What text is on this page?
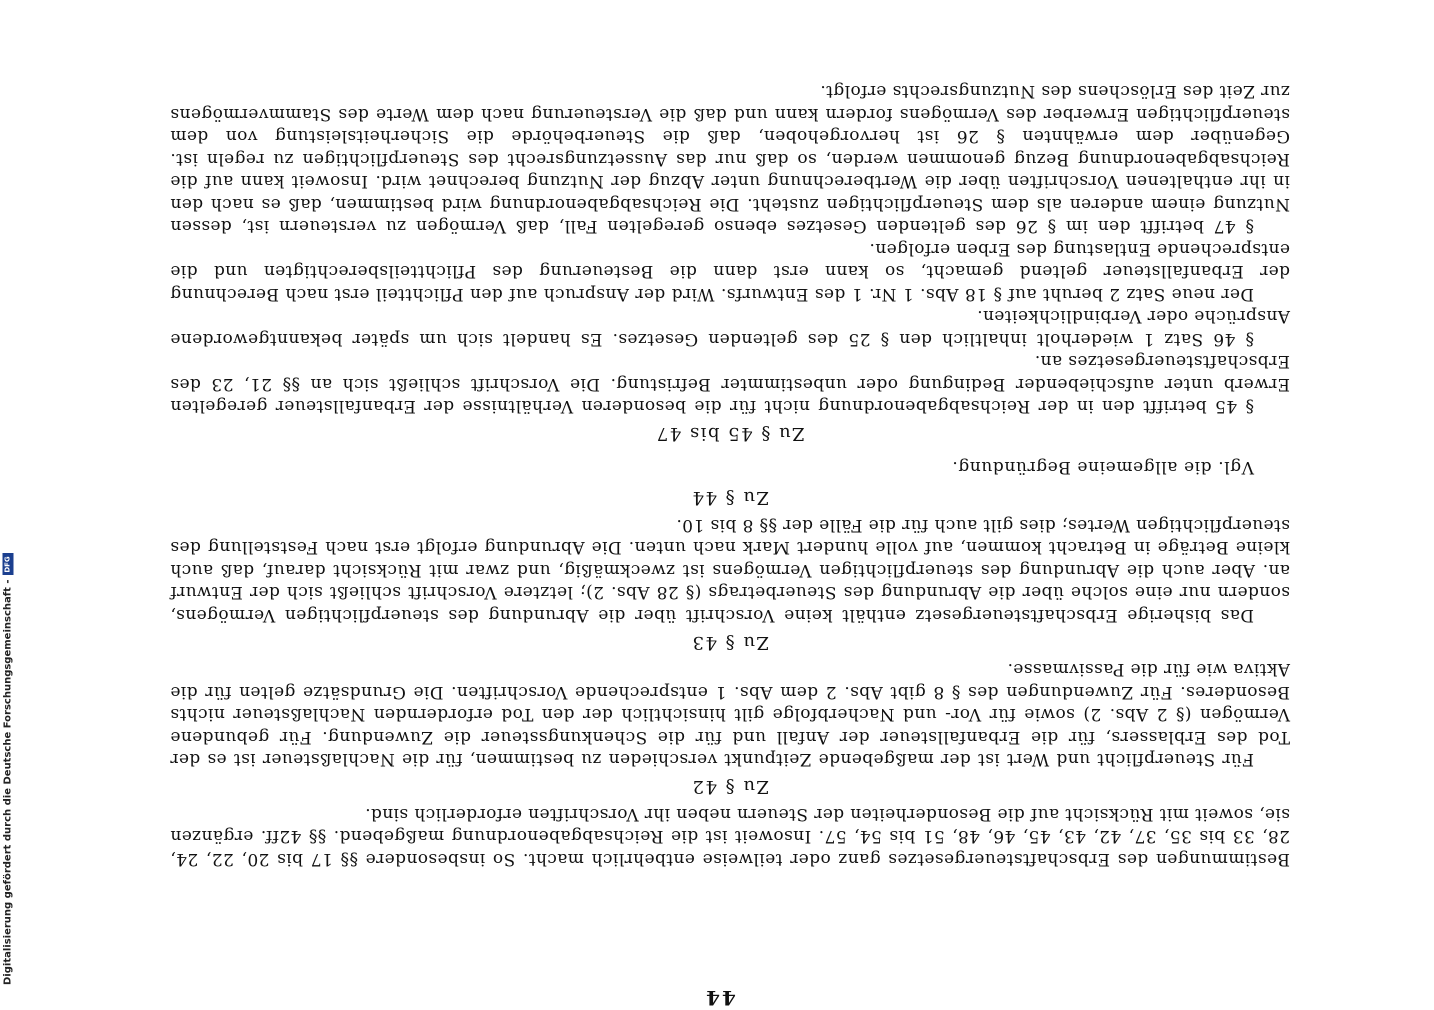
44

Bestimmungen des Erbschaftsteuergesetzes ganz oder teilweise entbehrlich macht. So insbesondere §§ 17 bis 20, 22, 24, 28, 33 bis 35, 37, 42, 43, 45, 46, 48, 51 bis 54, 57. Insoweit ist die Reichsabgabenordnung maßgebend. §§ 42ff. ergänzen sie, soweit mit Rücksicht auf die Besonderheiten der Steuern neben ihr Vorschriften erforderlich sind.

Zu § 42

Für Steuerpflicht und Wert ist der maßgebende Zeitpunkt verschieden zu bestimmen, für die Nachlaßsteuer ist es der Tod des Erblassers, für die Erbanfallsteuer der Anfall und für die Schenkungssteuer die Zuwendung. Für gebundene Vermögen (§ 2 Abs. 2) sowie für Vor- und Nacherbfolge gilt hinsichtlich der den Tod erfordernden Nachlaßsteuer nichts Besonderes. Für Zuwendungen des § 8 gibt Abs. 2 dem Abs. 1 entsprechende Vorschriften. Die Grundsätze gelten für die Aktiva wie für die Passivmasse.

Zu § 43

Das bisherige Erbschaftsteuergesetz enthält keine Vorschrift über die Abrundung des steuerpflichtigen Vermögens, sondern nur eine solche über die Abrundung des Steuerbetrags (§ 28 Abs. 2); letztere Vorschrift schließt sich der Entwurf an. Aber auch die Abrundung des steuerpflichtigen Vermögens ist zweckmäßig, und zwar mit Rücksicht darauf, daß auch kleine Beträge in Betracht kommen, auf volle hundert Mark nach unten. Die Abrundung erfolgt erst nach Feststellung des steuerpflichtigen Wertes; dies gilt auch für die Fälle der §§ 8 bis 10.

Zu § 44
Vgl. die allgemeine Begründung.
Zu § 45 bis 47

§ 45 betrifft den in der Reichsabgabenordnung nicht für die besonderen Verhältnisse der Erbanfallsteuer geregelten Erwerb unter aufschiebender Bedingung oder unbestimmter Befristung. Die Vorschrift schließt sich an §§ 21, 23 des Erbschaftsteuergesetzes an.

§ 46 Satz 1 wiederholt inhaltlich den § 25 des geltenden Gesetzes. Es handelt sich um später bekanntgewordene Ansprüche oder Verbindlichkeiten.

Der neue Satz 2 beruht auf § 18 Abs. 1 Nr. 1 des Entwurfs. Wird der Anspruch auf den Pflichtteil erst nach Berechnung der Erbanfallsteuer geltend gemacht, so kann erst dann die Besteuerung des Pflichtteilsberechtigten und die entsprechende Entlastung des Erben erfolgen.

§ 47 betrifft den im § 26 des geltenden Gesetzes ebenso geregelten Fall, daß Vermögen zu versteuern ist, dessen Nutzung einem anderen als dem Steuerpflichtigen zusteht. Die Reichsabgabenordnung wird bestimmen, daß es nach den in ihr enthaltenen Vorschriften über die Wertberechnung unter Abzug der Nutzung berechnet wird. Insoweit kann auf die Reichsabgabenordnung Bezug genommen werden, so daß nur das Aussetzungsrecht des Steuerpflichtigen zu regeln ist. Gegenüber dem erwähnten § 26 ist hervorgehoben, daß die Steuerbehörde die Sicherheitsleistung von dem steuerpflichtigen Erwerber des Vermögens fordern kann und daß die Versteuerung nach dem Werte des Stammvermögens zur Zeit des Erlöschens des Nutzungsrechts erfolgt.

Digitalisierung gefördert durch die Deutsche Forschungsgemeinschaft -
DFG
